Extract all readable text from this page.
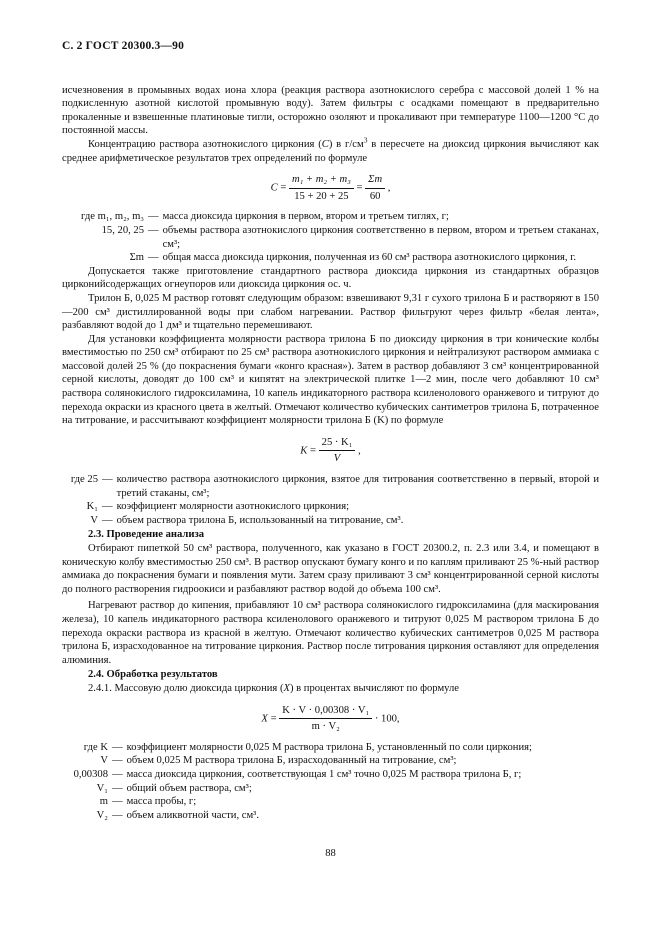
С. 2 ГОСТ 20300.3—90

исчезновения в промывных водах иона хлора (реакция раствора азотнокислого серебра с массовой долей 1 % на подкисленную азотной кислотой промывную воду). Затем фильтры с осадками помещают в предварительно прокаленные и взвешенные платиновые тигли, осторожно озоляют и прокаливают при температуре 1100—1200 °С до постоянной массы.

Концентрацию раствора азотнокислого циркония (C) в $г/см^3$ в пересчете на диоксид циркония вычисляют как среднее арифметическое результатов трех определений по формуле

$C = \frac{\text{m₁ + m₂ + m₃}}{15 + 20 + 25} = \frac{\Sigma m}{60}$ ,
где m₁, m₂, m₃ — масса диоксида циркония в первом, втором и третьем тиглях, г;
15, 20, 25 — объемы раствора азотнокислого циркония соответственно в первом, втором и третьем стаканах, см³;
Σm — общая масса диоксида циркония, полученная из 60 см³ раствора азотнокислого циркония, г.

Допускается также приготовление стандартного раствора диоксида циркония из стандартных образцов цирконийсодержащих огнеупоров или диоксида циркония ос. ч.

Трилон Б, 0,025 М раствор готовят следующим образом: взвешивают 9,31 г сухого трилона Б и растворяют в 150—200 см³ дистиллированной воды при слабом нагревании. Раствор фильтруют через фильтр «белая лента», разбавляют водой до 1 дм³ и тщательно перемешивают.

Для установки коэффициента молярности раствора трилона Б по диоксиду циркония в три конические колбы вместимостью по 250 см³ отбирают по 25 см³ раствора азотнокислого циркония и нейтрализуют раствором аммиака с массовой долей 25 % (до покраснения бумаги «конго красная»). Затем в раствор добавляют 3 см³ концентрированной серной кислоты, доводят до 100 см³ и кипятят на электрической плитке 1—2 мин, после чего добавляют 10 см³ раствора солянокислого гидроксиламина, 10 капель индикаторного раствора ксиленолового оранжевого и титруют до перехода окраски из красного цвета в желтый. Отмечают количество кубических сантиметров трилона Б, потраченное на титрование, и рассчитывают коэффициент молярности трилона Б (K) по формуле

$K = \frac{\text{25 · K₁}}{V}$ ,
где 25 — количество раствора азотнокислого циркония, взятое для титрования соответственно в первый, второй и третий стаканы, см³;
K₁ — коэффициент молярности азотнокислого циркония;
V — объем раствора трилона Б, использованный на титрование, см³.
2.3. Проведение анализа

Отбирают пипеткой 50 см³ раствора, полученного, как указано в ГОСТ 20300.2, п. 2.3 или 3.4, и помещают в коническую колбу вместимостью 250 см³. В раствор опускают бумагу конго и по каплям приливают 25 %-ный раствор аммиака до покраснения бумаги и появления мути. Затем сразу приливают 3 см³ концентрированной серной кислоты до полного растворения гидроокиси и разбавляют раствор водой до объема 100 см³.

Нагревают раствор до кипения, прибавляют 10 см³ раствора солянокислого гидроксиламина (для маскирования железа), 10 капель индикаторного раствора ксиленолового оранжевого и титруют 0,025 М раствором трилона Б до перехода окраски раствора из красной в желтую. Отмечают количество кубических сантиметров 0,025 М раствора трилона Б, израсходованное на титрование циркония. Раствор после титрования циркония оставляют для определения алюминия.

2.4. Обработка результатов

2.4.1. Массовую долю диоксида циркония (X) в процентах вычисляют по формуле

$X = \frac{\text{K · V · 0,00308 · V₁}}{\text{m · V₂}} \cdot 100$,
где K — коэффициент молярности 0,025 М раствора трилона Б, установленный по соли циркония;
V — объем 0,025 М раствора трилона Б, израсходованный на титрование, см³;
0,00308 — масса диоксида циркония, соответствующая 1 см³ точно 0,025 М раствора трилона Б, г;
V₁ — общий объем раствора, см³;
m — масса пробы, г;
V₂ — объем аликвотной части, см³.
88
